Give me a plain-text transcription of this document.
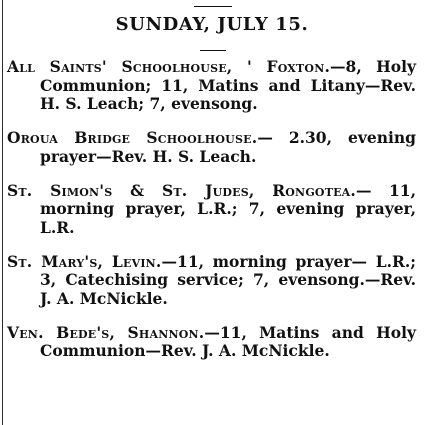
SUNDAY, JULY 15.

All Saints' Schoolhouse, ' Foxton.—8, Holy Communion; 11, Matins and Litany—Rev. H. S. Leach; 7, evensong.

Oroua Bridge Schoolhouse.— 2.30, evening prayer—Rev. H. S. Leach.

St. Simon's & St. Judes, Rongotea.— 11, morning prayer, L.R.; 7, evening prayer, L.R.

St. Mary's, Levin.—11, morning prayer— L.R.; 3, Catechising service; 7, evensong.—Rev. J. A. McNickle.

Ven. Bede's, Shannon.—11, Matins and Holy Communion—Rev. J. A. McNickle.
